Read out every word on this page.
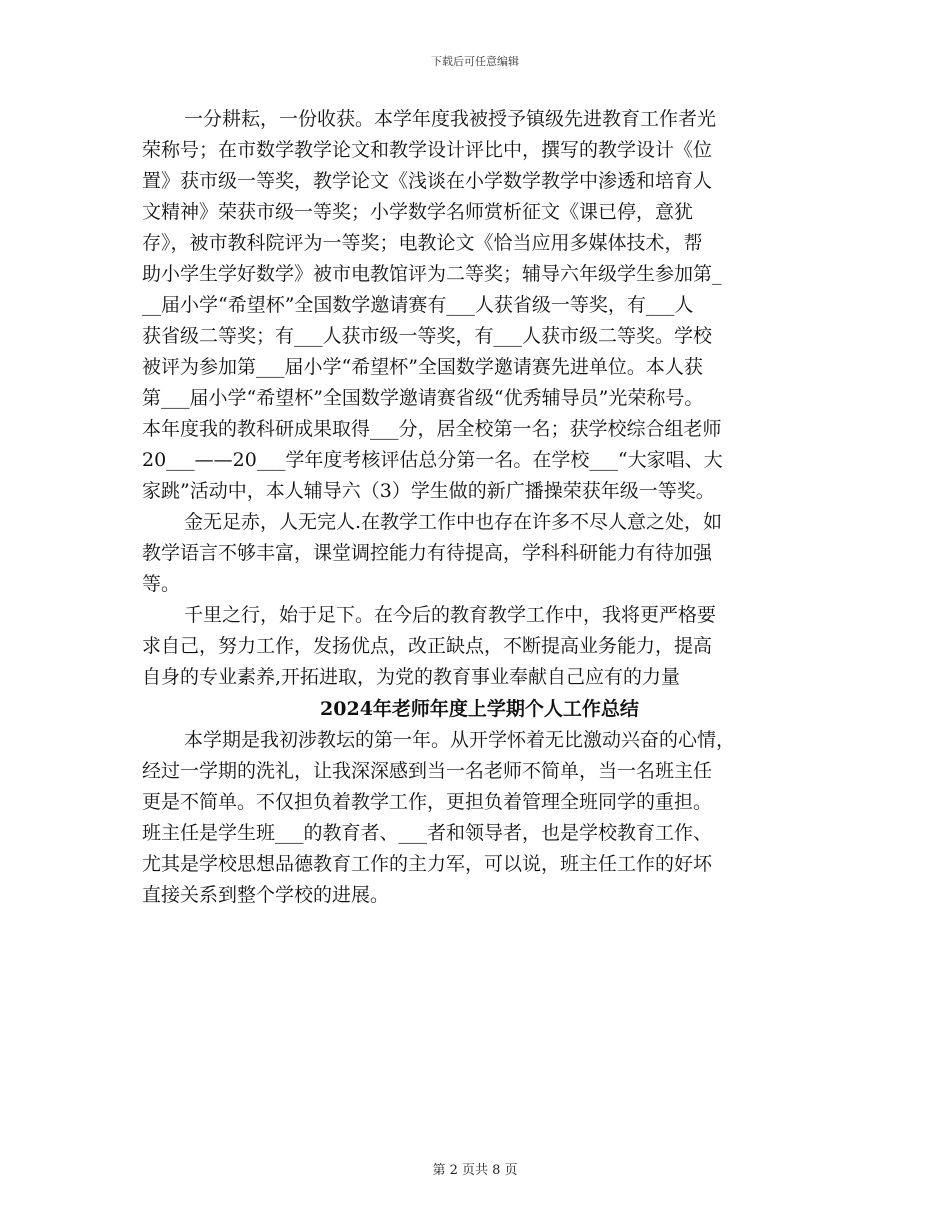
下载后可任意编辑
一分耕耘，一份收获。本学年度我被授予镇级先进教育工作者光
荣称号；在市数学教学论文和教学设计评比中，撰写的教学设计《位
置》获市级一等奖，教学论文《浅谈在小学数学教学中渗透和培育人
文精神》荣获市级一等奖；小学数学名师赏析征文《课已停，意犹
存》，被市教科院评为一等奖；电教论文《恰当应用多媒体技术，帮
助小学生学好数学》被市电教馆评为二等奖；辅导六年级学生参加第_
__届小学“希望杯”全国数学邀请赛有___人获省级一等奖，有___人
获省级二等奖；有___人获市级一等奖，有___人获市级二等奖。学校
被评为参加第___届小学“希望杯”全国数学邀请赛先进单位。本人获
第___届小学“希望杯”全国数学邀请赛省级“优秀辅导员”光荣称号。
本年度我的教科研成果取得___分，居全校第一名；获学校综合组老师
20___——20___学年度考核评估总分第一名。在学校___“大家唱、大
家跳”活动中，本人辅导六（3）学生做的新广播操荣获年级一等奖。
金无足赤，人无完人.在教学工作中也存在许多不尽人意之处，如
教学语言不够丰富，课堂调控能力有待提高，学科科研能力有待加强
等。
千里之行，始于足下。在今后的教育教学工作中，我将更严格要
求自己，努力工作，发扬优点，改正缺点，不断提高业务能力，提高
自身的专业素养,开拓进取，为党的教育事业奉献自己应有的力量
2024年老师年度上学期个人工作总结
本学期是我初涉教坛的第一年。从开学怀着无比激动兴奋的心情，
经过一学期的洗礼，让我深深感到当一名老师不简单，当一名班主任
更是不简单。不仅担负着教学工作，更担负着管理全班同学的重担。
班主任是学生班___的教育者、___者和领导者，也是学校教育工作、
尤其是学校思想品德教育工作的主力军，可以说，班主任工作的好坏
直接关系到整个学校的进展。
第 2 页共 8 页
